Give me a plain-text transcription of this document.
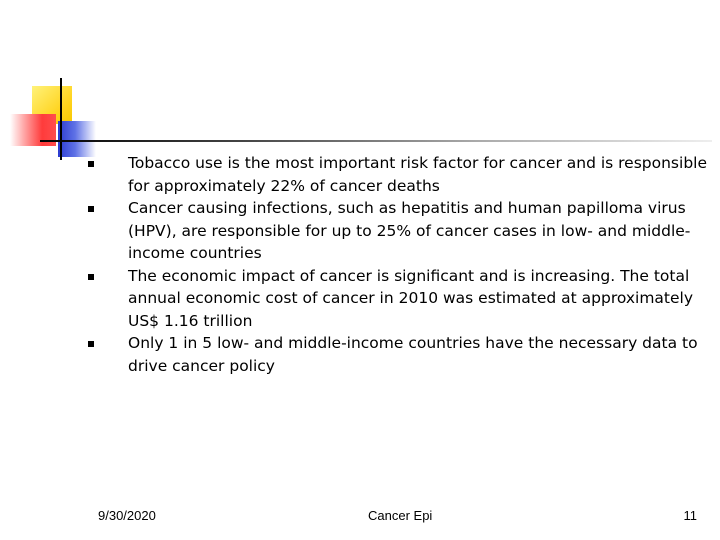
Tobacco use is the most important risk factor for cancer and is responsible for approximately 22% of cancer deaths
Cancer causing infections, such as hepatitis and human papilloma virus (HPV), are responsible for up to 25% of cancer cases in low- and middle-income countries
The economic impact of cancer is significant and is increasing. The total annual economic cost of cancer in 2010 was estimated at approximately US$ 1.16 trillion
Only 1 in 5 low- and middle-income countries have the necessary data to drive cancer policy
9/30/2020	Cancer Epi	11
